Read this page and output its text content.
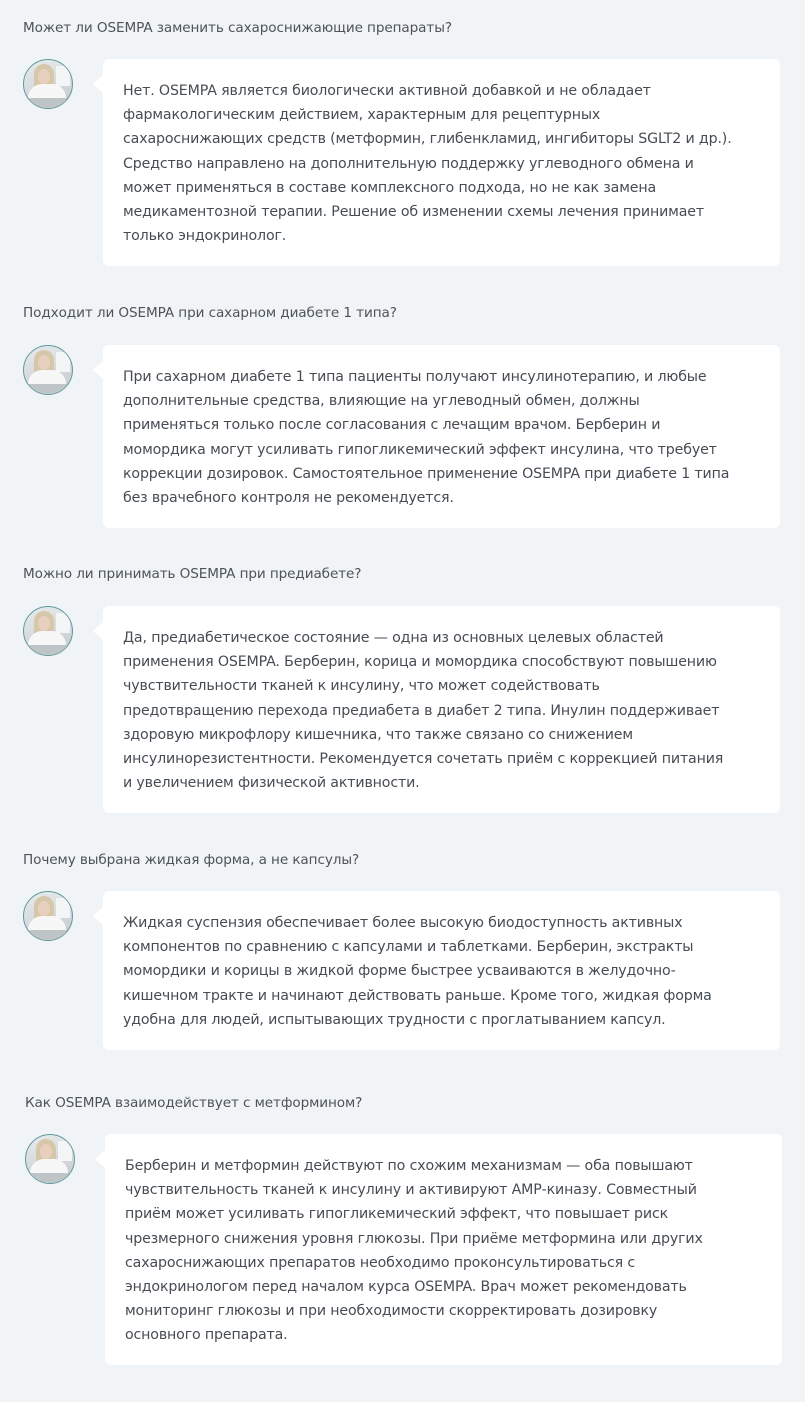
Может ли OSEMPA заменить сахароснижающие препараты?

Нет. OSEMPA является биологически активной добавкой и не обладает
фармакологическим действием, характерным для рецептурных
сахароснижающих средств (метформин, глибенкламид, ингибиторы SGLT2 и др.).
Средство направлено на дополнительную поддержку углеводного обмена и
может применяться в составе комплексного подхода, но не как замена
медикаментозной терапии. Решение об изменении схемы лечения принимает
только эндокринолог.

Подходит ли OSEMPA при сахарном диабете 1 типа?

При сахарном диабете 1 типа пациенты получают инсулинотерапию, и любые
дополнительные средства, влияющие на углеводный обмен, должны
применяться только после согласования с лечащим врачом. Берберин и
момордика могут усиливать гипогликемический эффект инсулина, что требует
коррекции дозировок. Самостоятельное применение OSEMPA при диабете 1 типа
без врачебного контроля не рекомендуется.

Можно ли принимать OSEMPA при предиабете?

Да, предиабетическое состояние — одна из основных целевых областей
применения OSEMPA. Берберин, корица и момордика способствуют повышению
чувствительности тканей к инсулину, что может содействовать
предотвращению перехода предиабета в диабет 2 типа. Инулин поддерживает
здоровую микрофлору кишечника, что также связано со снижением
инсулинорезистентности. Рекомендуется сочетать приём с коррекцией питания
и увеличением физической активности.

Почему выбрана жидкая форма, а не капсулы?

Жидкая суспензия обеспечивает более высокую биодоступность активных
компонентов по сравнению с капсулами и таблетками. Берберин, экстракты
момордики и корицы в жидкой форме быстрее усваиваются в желудочно-
кишечном тракте и начинают действовать раньше. Кроме того, жидкая форма
удобна для людей, испытывающих трудности с проглатыванием капсул.

Как OSEMPA взаимодействует с метформином?

Берберин и метформин действуют по схожим механизмам — оба повышают
чувствительность тканей к инсулину и активируют АМР-киназу. Совместный
приём может усиливать гипогликемический эффект, что повышает риск
чрезмерного снижения уровня глюкозы. При приёме метформина или других
сахароснижающих препаратов необходимо проконсультироваться с
эндокринологом перед началом курса OSEMPA. Врач может рекомендовать
мониторинг глюкозы и при необходимости скорректировать дозировку
основного препарата.
